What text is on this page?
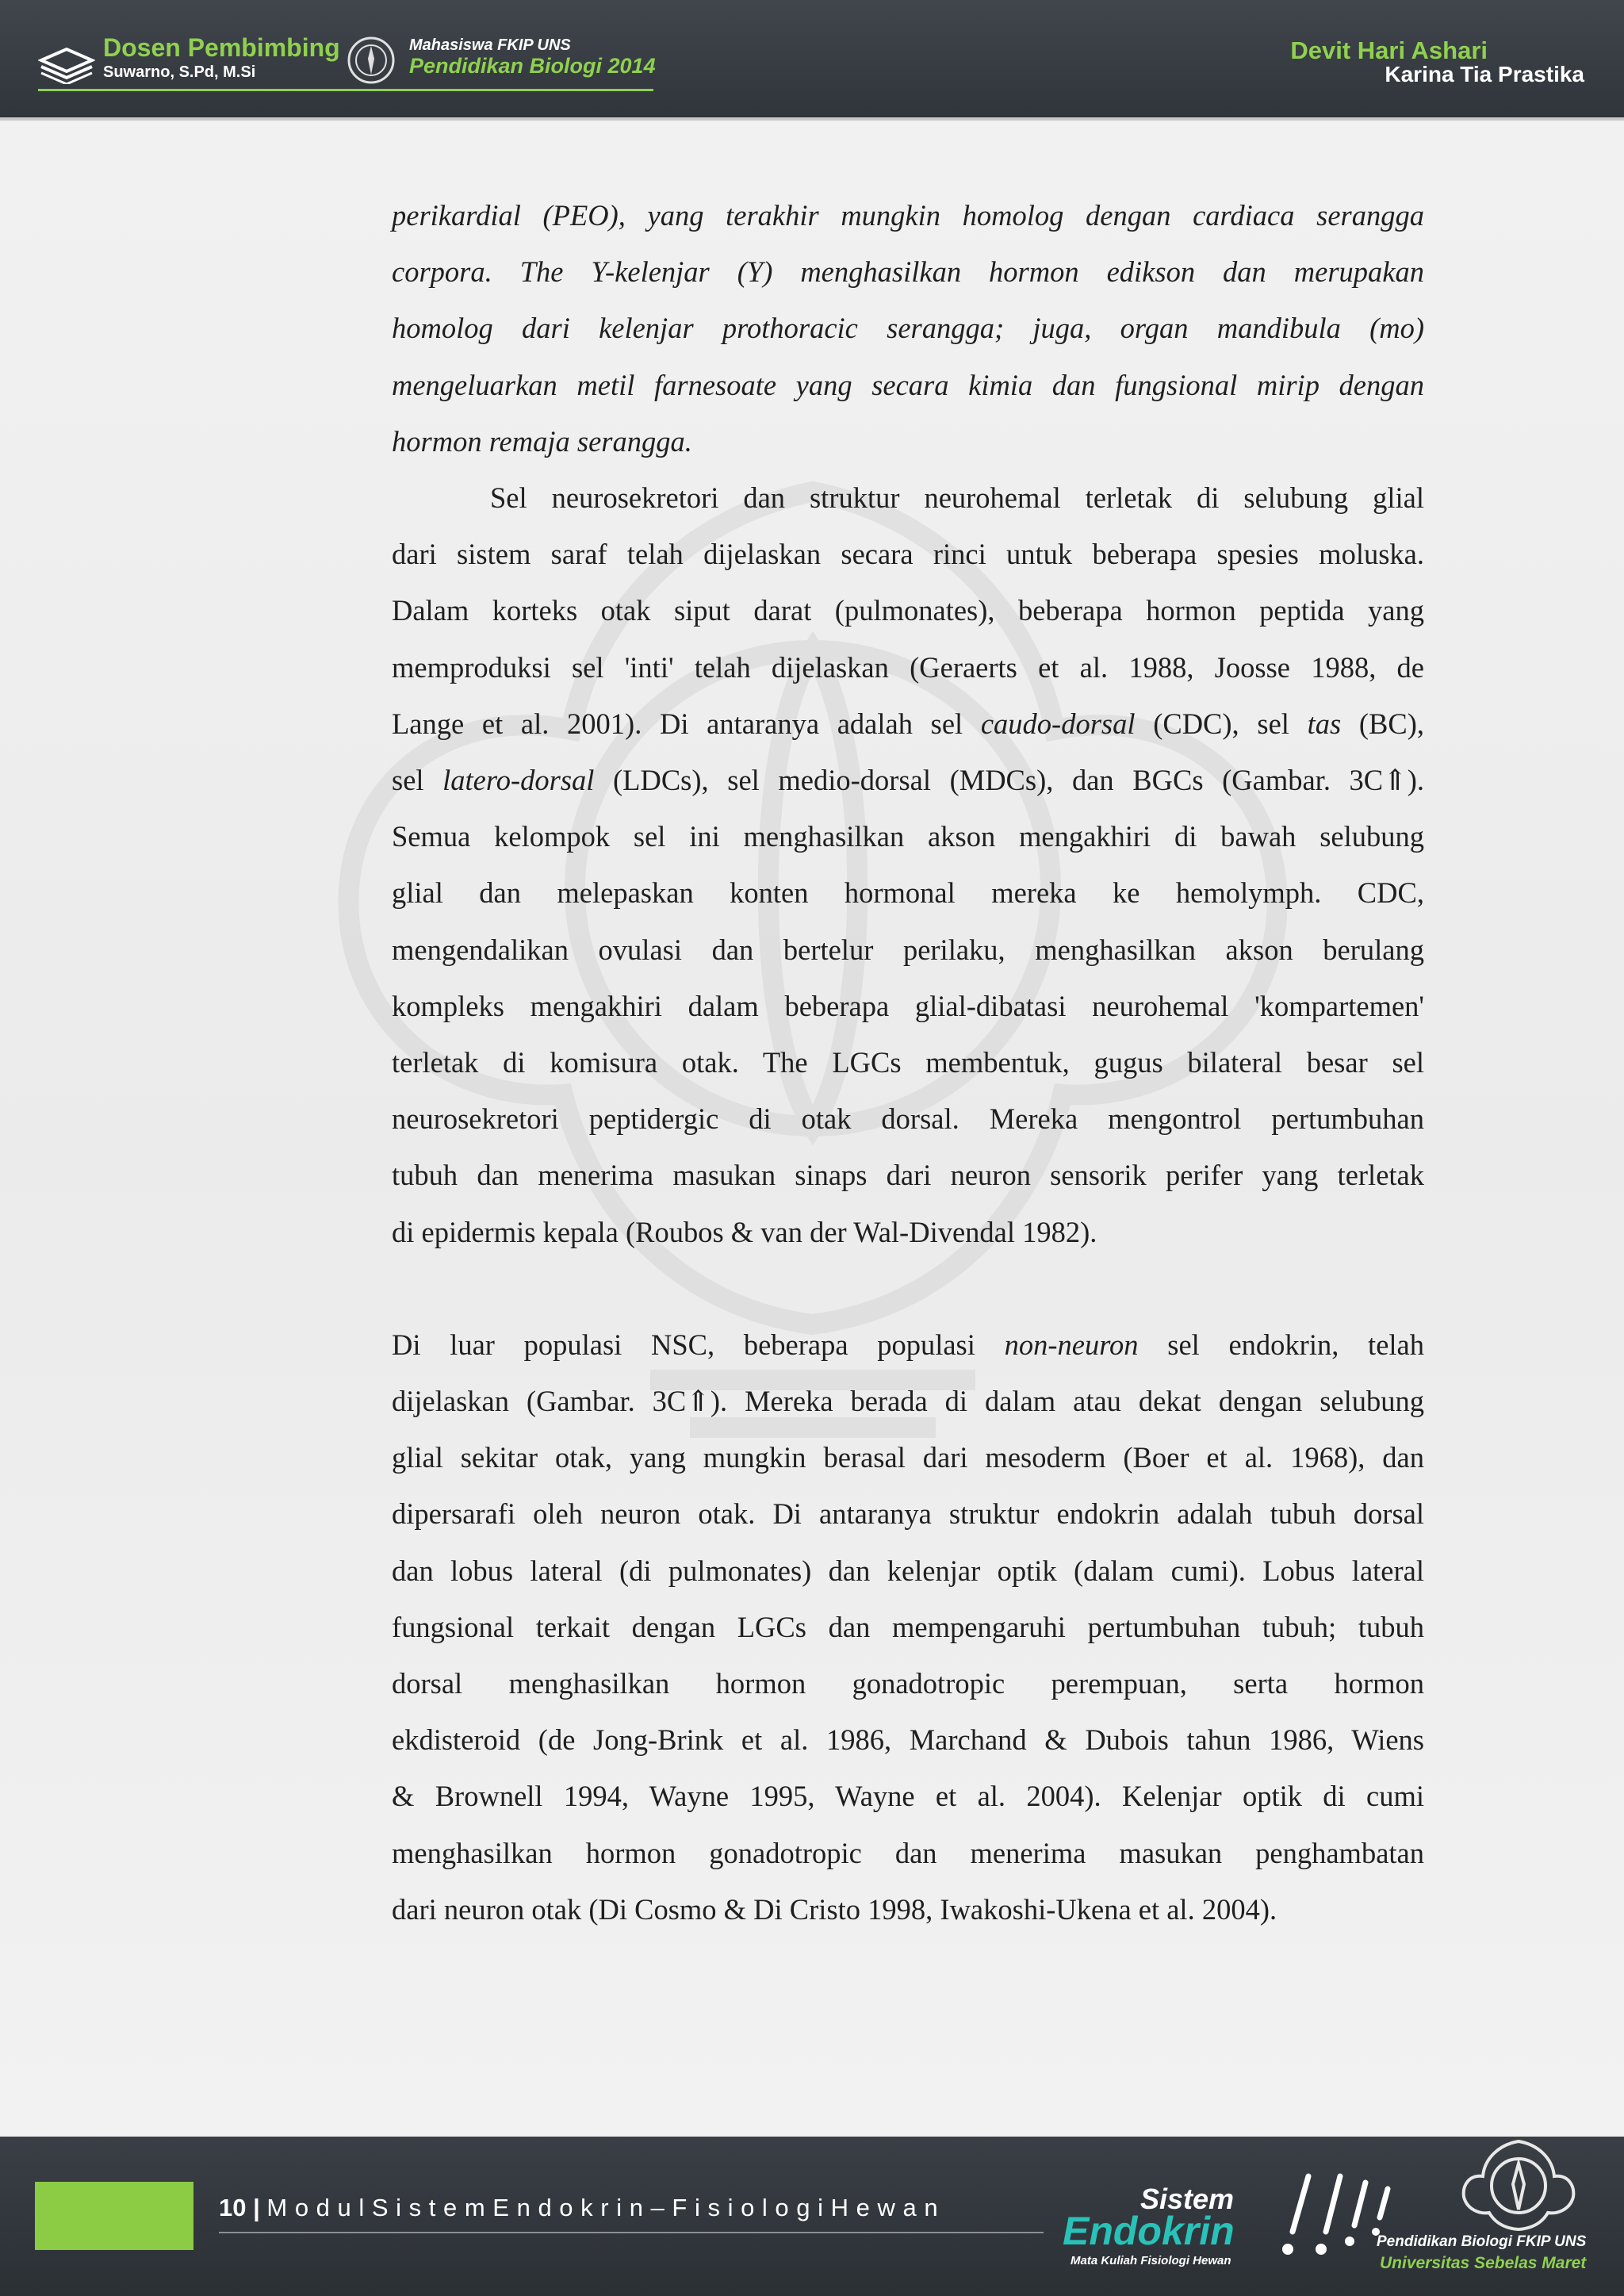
Dosen Pembimbing
Suwarno, S.Pd, M.Si
Mahasiswa FKIP UNS
Pendidikan Biologi 2014
Devit Hari Ashari
Karina Tia Prastika

perikardial (PEO), yang terakhir mungkin homolog dengan cardiaca serangga

corpora. The Y-kelenjar (Y) menghasilkan hormon edikson dan merupakan

homolog dari kelenjar prothoracic serangga; juga, organ mandibula (mo)

mengeluarkan metil farnesoate yang secara kimia dan fungsional mirip dengan

hormon remaja serangga.

Sel neurosekretori dan struktur neurohemal terletak di selubung glial

dari sistem saraf telah dijelaskan secara rinci untuk beberapa spesies moluska.

Dalam korteks otak siput darat (pulmonates), beberapa hormon peptida yang

memproduksi sel 'inti' telah dijelaskan (Geraerts et al. 1988, Joosse 1988, de

Lange et al. 2001). Di antaranya adalah sel caudo-dorsal (CDC), sel tas (BC),

sel latero-dorsal (LDCs), sel medio-dorsal (MDCs), dan BGCs (Gambar. 3C⇑).

Semua kelompok sel ini menghasilkan akson mengakhiri di bawah selubung

glial dan melepaskan konten hormonal mereka ke hemolymph. CDC,

mengendalikan ovulasi dan bertelur perilaku, menghasilkan akson berulang

kompleks mengakhiri dalam beberapa glial-dibatasi neurohemal 'kompartemen'

terletak di komisura otak. The LGCs membentuk, gugus bilateral besar sel

neurosekretori peptidergic di otak dorsal. Mereka mengontrol pertumbuhan

tubuh dan menerima masukan sinaps dari neuron sensorik perifer yang terletak

di epidermis kepala (Roubos & van der Wal-Divendal 1982).

Di luar populasi NSC, beberapa populasi non-neuron sel endokrin, telah

dijelaskan (Gambar. 3C⇑). Mereka berada di dalam atau dekat dengan selubung

glial sekitar otak, yang mungkin berasal dari mesoderm (Boer et al. 1968), dan

dipersarafi oleh neuron otak. Di antaranya struktur endokrin adalah tubuh dorsal

dan lobus lateral (di pulmonates) dan kelenjar optik (dalam cumi). Lobus lateral

fungsional terkait dengan LGCs dan mempengaruhi pertumbuhan tubuh; tubuh

dorsal menghasilkan hormon gonadotropic perempuan, serta hormon

ekdisteroid (de Jong-Brink et al. 1986, Marchand & Dubois tahun 1986, Wiens

& Brownell 1994, Wayne 1995, Wayne et al. 2004). Kelenjar optik di cumi

menghasilkan hormon gonadotropic dan menerima masukan penghambatan

dari neuron otak (Di Cosmo & Di Cristo 1998, Iwakoshi-Ukena et al. 2004).

10 | M o d u l S i s t e m E n d o k r i n – F i s i o l o g i H e w a n	Sistem
Endokrin
Mata Kuliah Fisiologi Hewan
Pendidikan Biologi FKIP UNS
Universitas Sebelas Maret
